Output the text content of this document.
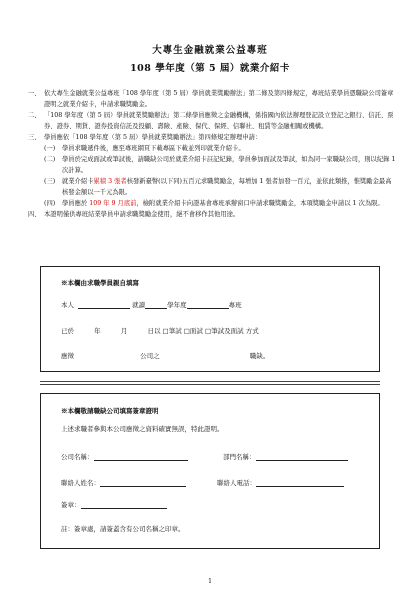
大專生金融就業公益專班
108 學年度（第 5 屆）就業介紹卡

一、 依大專生金融就業公益專班「108 學年度（第 5 屆）學員就業獎勵辦法」第二條及第四條規定，專班結業學員憑職缺公司簽章證明之就業介紹卡，申請求職獎勵金。

二、 「108 學年度（第 5 屆）學員就業獎勵辦法」第二條學員應徵之金融機構，係指國內依法辦理登記設立登記之銀行、信託、票券、證券、期貨、證券投資信託及投顧、壽險、產險、保代、保經、信聯社、租賃等金融相關或機構。

三、 學員應依「108 學年度（第 5 屆）學員就業獎勵辦法」第四條規定辦理申請：

(一) 學員求職遞件後，應至專班網頁下載專區下載並列印就業介紹卡。

(二) 學員於完成面試或筆試後，請職缺公司於就業介紹卡註記紀錄，學員參加面試及筆試，如為同一家職缺公司，則以紀錄 1 次計算。

(三) 就業介紹卡累積 3 張者核發新臺幣(以下同)五百元求職獎勵金，每增加 1 張者加發一百元，並依此類推，惟獎勵金最高核發金額以一千元為限。

(四) 學員應於 109 年 9 月底前，檢附就業介紹卡向證基會專班承辦窗口申請求職獎勵金，本項獎勵金申請以 1 次為限。

四、 本證明僅供專班結業學員申請求職獎勵金使用，絕不會移作其他用途。

※本欄由求職學員親自填寫
本人	就讀	學年度	專班
已於	年	月	日以 □筆試 □面試 □筆試及面試 方式
應徵	公司之	職缺。
※本欄敬請職缺公司填寫簽章證明
上述求職者參與本公司應徵之資料確實無誤，特此證明。
公司名稱：	部門名稱：
聯絡人姓名：	聯絡人電話：
簽章：
註：簽章處，請簽蓋含有公司名稱之印章。
1
